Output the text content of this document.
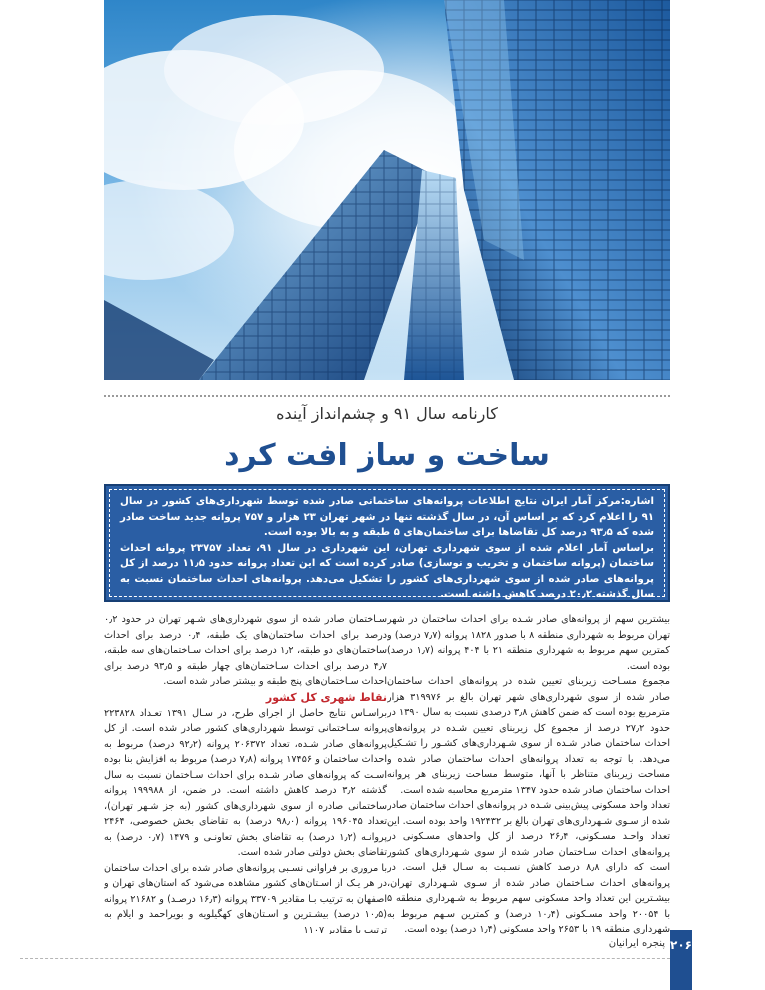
کارنامه سال ۹۱ و چشم‌انداز آینده
ساخت و ساز افت کرد

اشاره:مرکز آمار ایران نتایج اطلاعات پروانه‌های ساختمانی صادر شده توسط شهرداری‌های کشور در سال ۹۱ را اعلام کرد که بر اساس آن، در سال گذشته تنها در شهر تهران ۲۳ هزار و ۷۵۷ پروانه جدید ساخت صادر شده که ۹۳٫۵ درصد کل تقاضاها برای ساختمان‌های ۵ طبقه و به بالا بوده است.

براساس آمار اعلام شده از سوی شهرداری تهران، این شهرداری در سال ۹۱، تعداد ۲۳۷۵۷ پروانه احداث ساختمان (پروانه ساختمان و تخریب و نوسازی) صادر کرده است که این تعداد پروانه حدود ۱۱٫۵ درصد از کل پروانه‌های صادر شده از سوی شهرداری‌های کشور را تشکیل می‌دهد. پروانه‌های احداث ساختمان نسبت به سال گذشته ۲۰٫۲ درصد کاهش داشته است.

بیشترین سهم از پروانه‌های صادر شـده برای احداث ساختمان در شهر تهران مربوط به شهرداری منطقه ۸ با صدور ۱۸۲۸ پروانه (۷٫۷ درصد) و کمترین سهم مربوط به شهرداری منطقه ۲۱ با ۴۰۴ پروانه (۱٫۷ درصد) بوده است.

مجموع مسـاحت زیربنای تعیین شده در پروانه‌های احداث ساختمان صادر شده از سوی شهرداری‌های شهر تهران بالغ بر ۳۱۹۹۷۶ هزار مترمربع بوده است که ضمن کاهش ۳٫۸ درصدی نسبت به سال ۱۳۹۰ در حدود ۲۷٫۲ درصد از مجموع کل زیربنای تعیین شـده در پروانه‌های احداث ساختمان صادر شـده از سوی شـهرداری‌های کشـور را تشـکیل می‌دهد. با توجه به تعداد پروانه‌های احداث ساختمان صادر شده و مساحت زیربنای متناظر با آنها، متوسط مساحت زیربنای هر پروانه احداث ساختمان صادر شده حدود ۱۳۴۷ مترمربع محاسبه شده است.

تعداد واحد مسکونی پیش‌بینی شـده در پروانه‌های احداث ساختمان صادر شده از سـوی شـهرداری‌های تهران بالغ بر ۱۹۲۴۳۲ واحد بوده است. این تعداد واحـد مسـکونی، ۲۶٫۴ درصد از کل واحدهای مسـکونی در پروانه‌های احداث سـاختمان صادر شده از سوی شـهرداری‌های کشور است که دارای ۸٫۸ درصد کاهش نسـبت به سـال قبل است. در پروانه‌های احداث سـاختمان صادر شده از سـوی شـهرداری تهران، بیشـترین این تعداد واحد مسکونی سهم مربوط به شـهرداری منطقه ۵ با ۲۰۰۵۴ واحد مسـکونی (۱۰٫۴ درصد) و کمترین سـهم مربوط به شهرداری منطقه ۱۹ با ۲۶۵۳ واحد مسکونی (۱٫۴ درصد) بوده است.

سـاختمان صادر شده از سوی شهرداری‌های شـهر تهران در حدود ۰٫۲ درصد برای احداث ساختمان‌های یک طبقه، ۰٫۴ درصد برای احداث ساختمان‌های دو طبقه، ۱٫۲ درصد برای احداث سـاختمان‌های سه طبقه، ۴٫۷ درصد برای احداث سـاختمان‌های چهار طبقه و ۹۳٫۵ درصد برای احداث سـاختمان‌های پنج طبقه و بیشتر صادر شده است.

نقاط شهری کل کشور

براسـاس نتایج حاصل از اجرای طرح، در سـال ۱۳۹۱ تعـداد ۲۲۳۸۲۸ پروانه سـاختمانی توسط شهرداری‌های کشور صادر شده است. از کل پروانه‌های صادر شـده، تعداد ۲۰۶۳۷۲ پروانه (۹۲٫۲ درصد) مربوط به احداث ساختمان و ۱۷۴۵۶ پروانه (۷٫۸ درصد) مربوط به افزایش بنا بوده اسـت که پروانه‌های صادر شـده برای احداث سـاختمان نسبت به سال گذشته ۳٫۲ درصد کاهش داشته است. در ضمن، از ۱۹۹۹۸۸ پروانه ساختمانی صادره از سوی شهرداری‌های کشور (به جز شـهر تهران)، تعداد ۱۹۶۰۴۵ پروانه (۹۸٫۰ درصد) به تقاضای بخش خصوصی، ۲۴۶۴ پروانـه (۱٫۲ درصد) به تقاضای بخش تعاونـی و ۱۴۷۹ (۰٫۷ درصد) به تقاضای بخش دولتی صادر شده است.

با مروری بر فراوانی نسـبی پروانه‌های صادر شده برای احداث ساختمان در هر یـک از اسـتان‌های کشور مشاهده می‌شود که استان‌های تهران و اصفهان به ترتیب بـا مقادیر ۳۳۷۰۹ پروانه (۱۶٫۳ درصـد) و ۲۱۶۸۲ پروانه (۱۰٫۵ درصد) بیشـترین و اسـتان‌های کهگیلویه و بویراحمد و ایلام به ترتیب با مقادیر ۱۱۰۷

پنجره ایرانیان ۲۰۶
